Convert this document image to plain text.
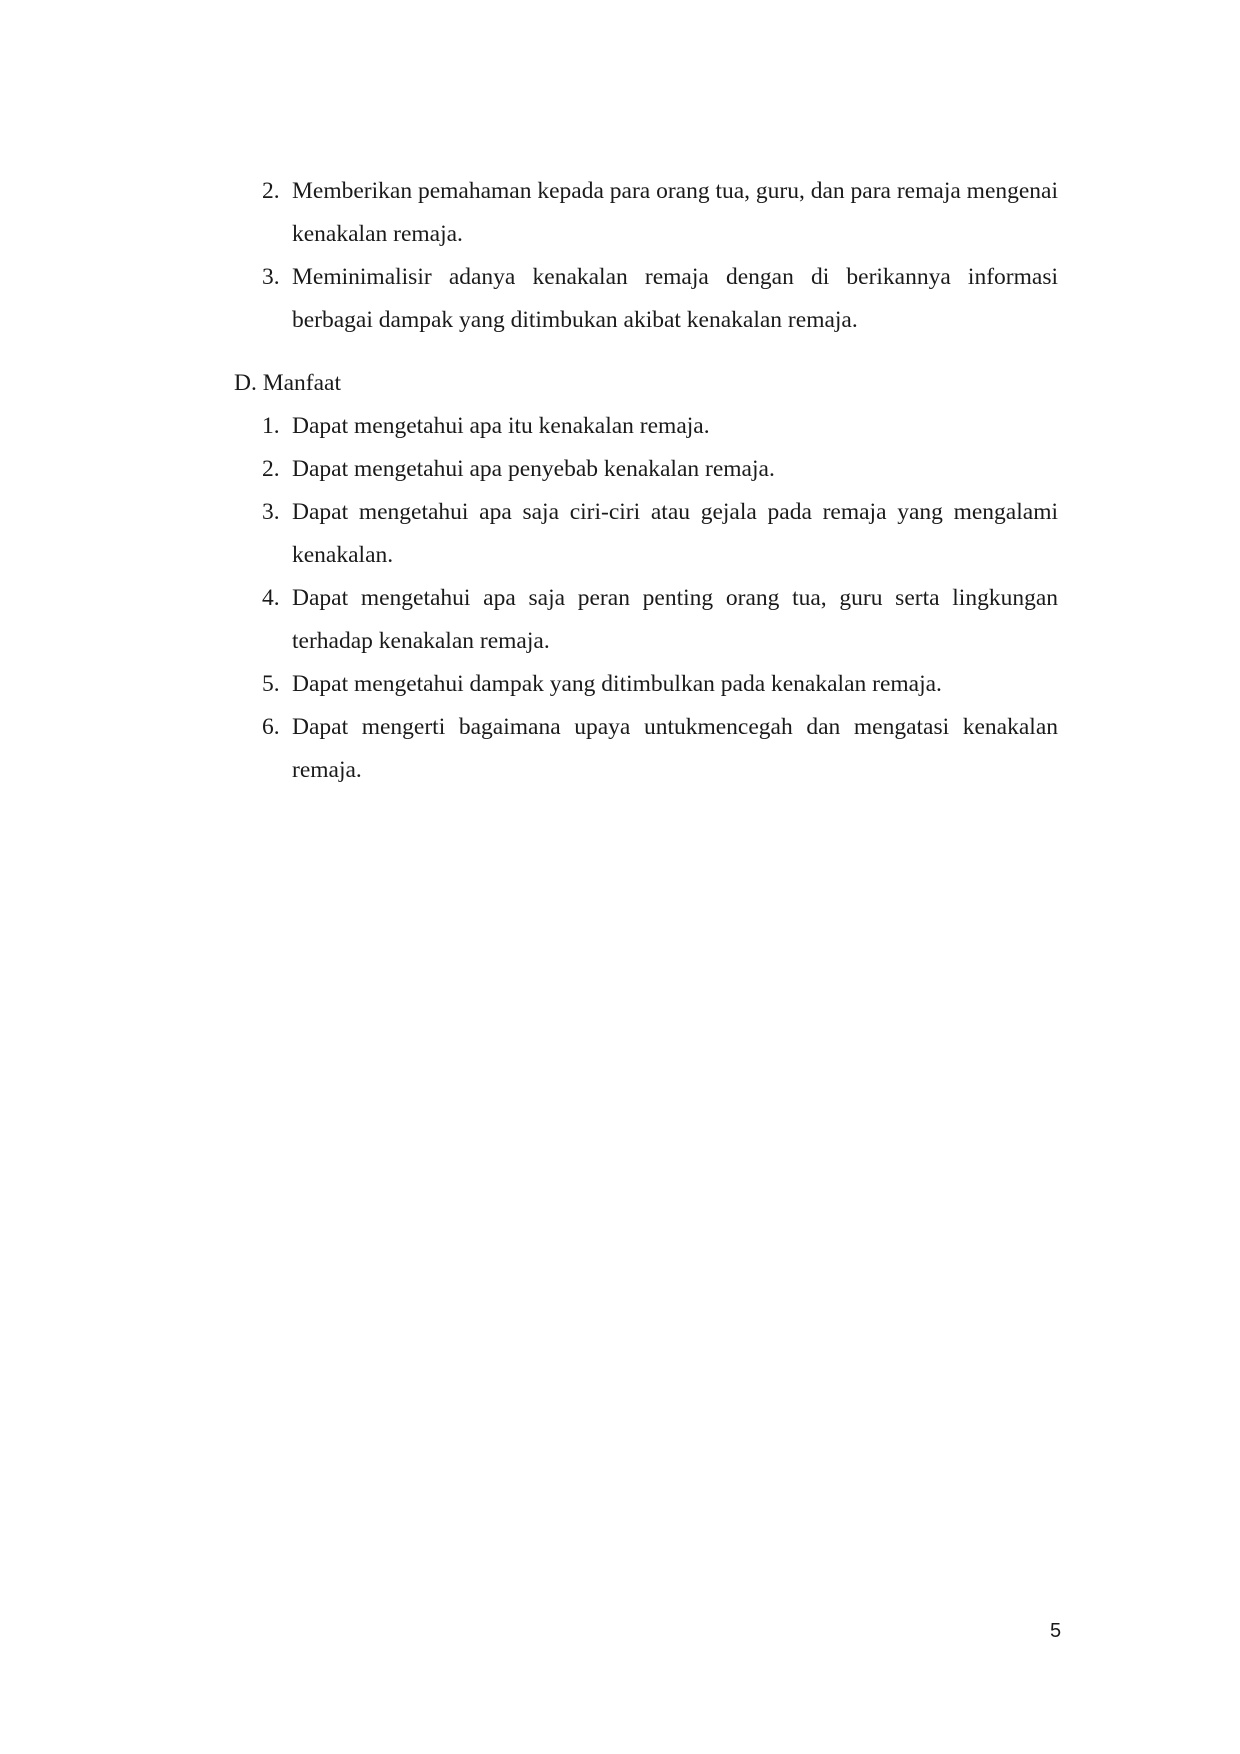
2. Memberikan pemahaman kepada para orang tua, guru, dan para remaja mengenai kenakalan remaja.
3. Meminimalisir adanya kenakalan remaja dengan di berikannya informasi berbagai dampak yang ditimbukan akibat kenakalan remaja.
D. Manfaat
1. Dapat mengetahui apa itu kenakalan remaja.
2. Dapat mengetahui apa penyebab kenakalan remaja.
3. Dapat mengetahui apa saja ciri-ciri atau gejala pada remaja yang mengalami kenakalan.
4. Dapat mengetahui apa saja peran penting orang tua, guru serta lingkungan terhadap kenakalan remaja.
5. Dapat mengetahui dampak yang ditimbulkan pada kenakalan remaja.
6. Dapat mengerti bagaimana upaya untukmencegah dan mengatasi kenakalan remaja.
5
